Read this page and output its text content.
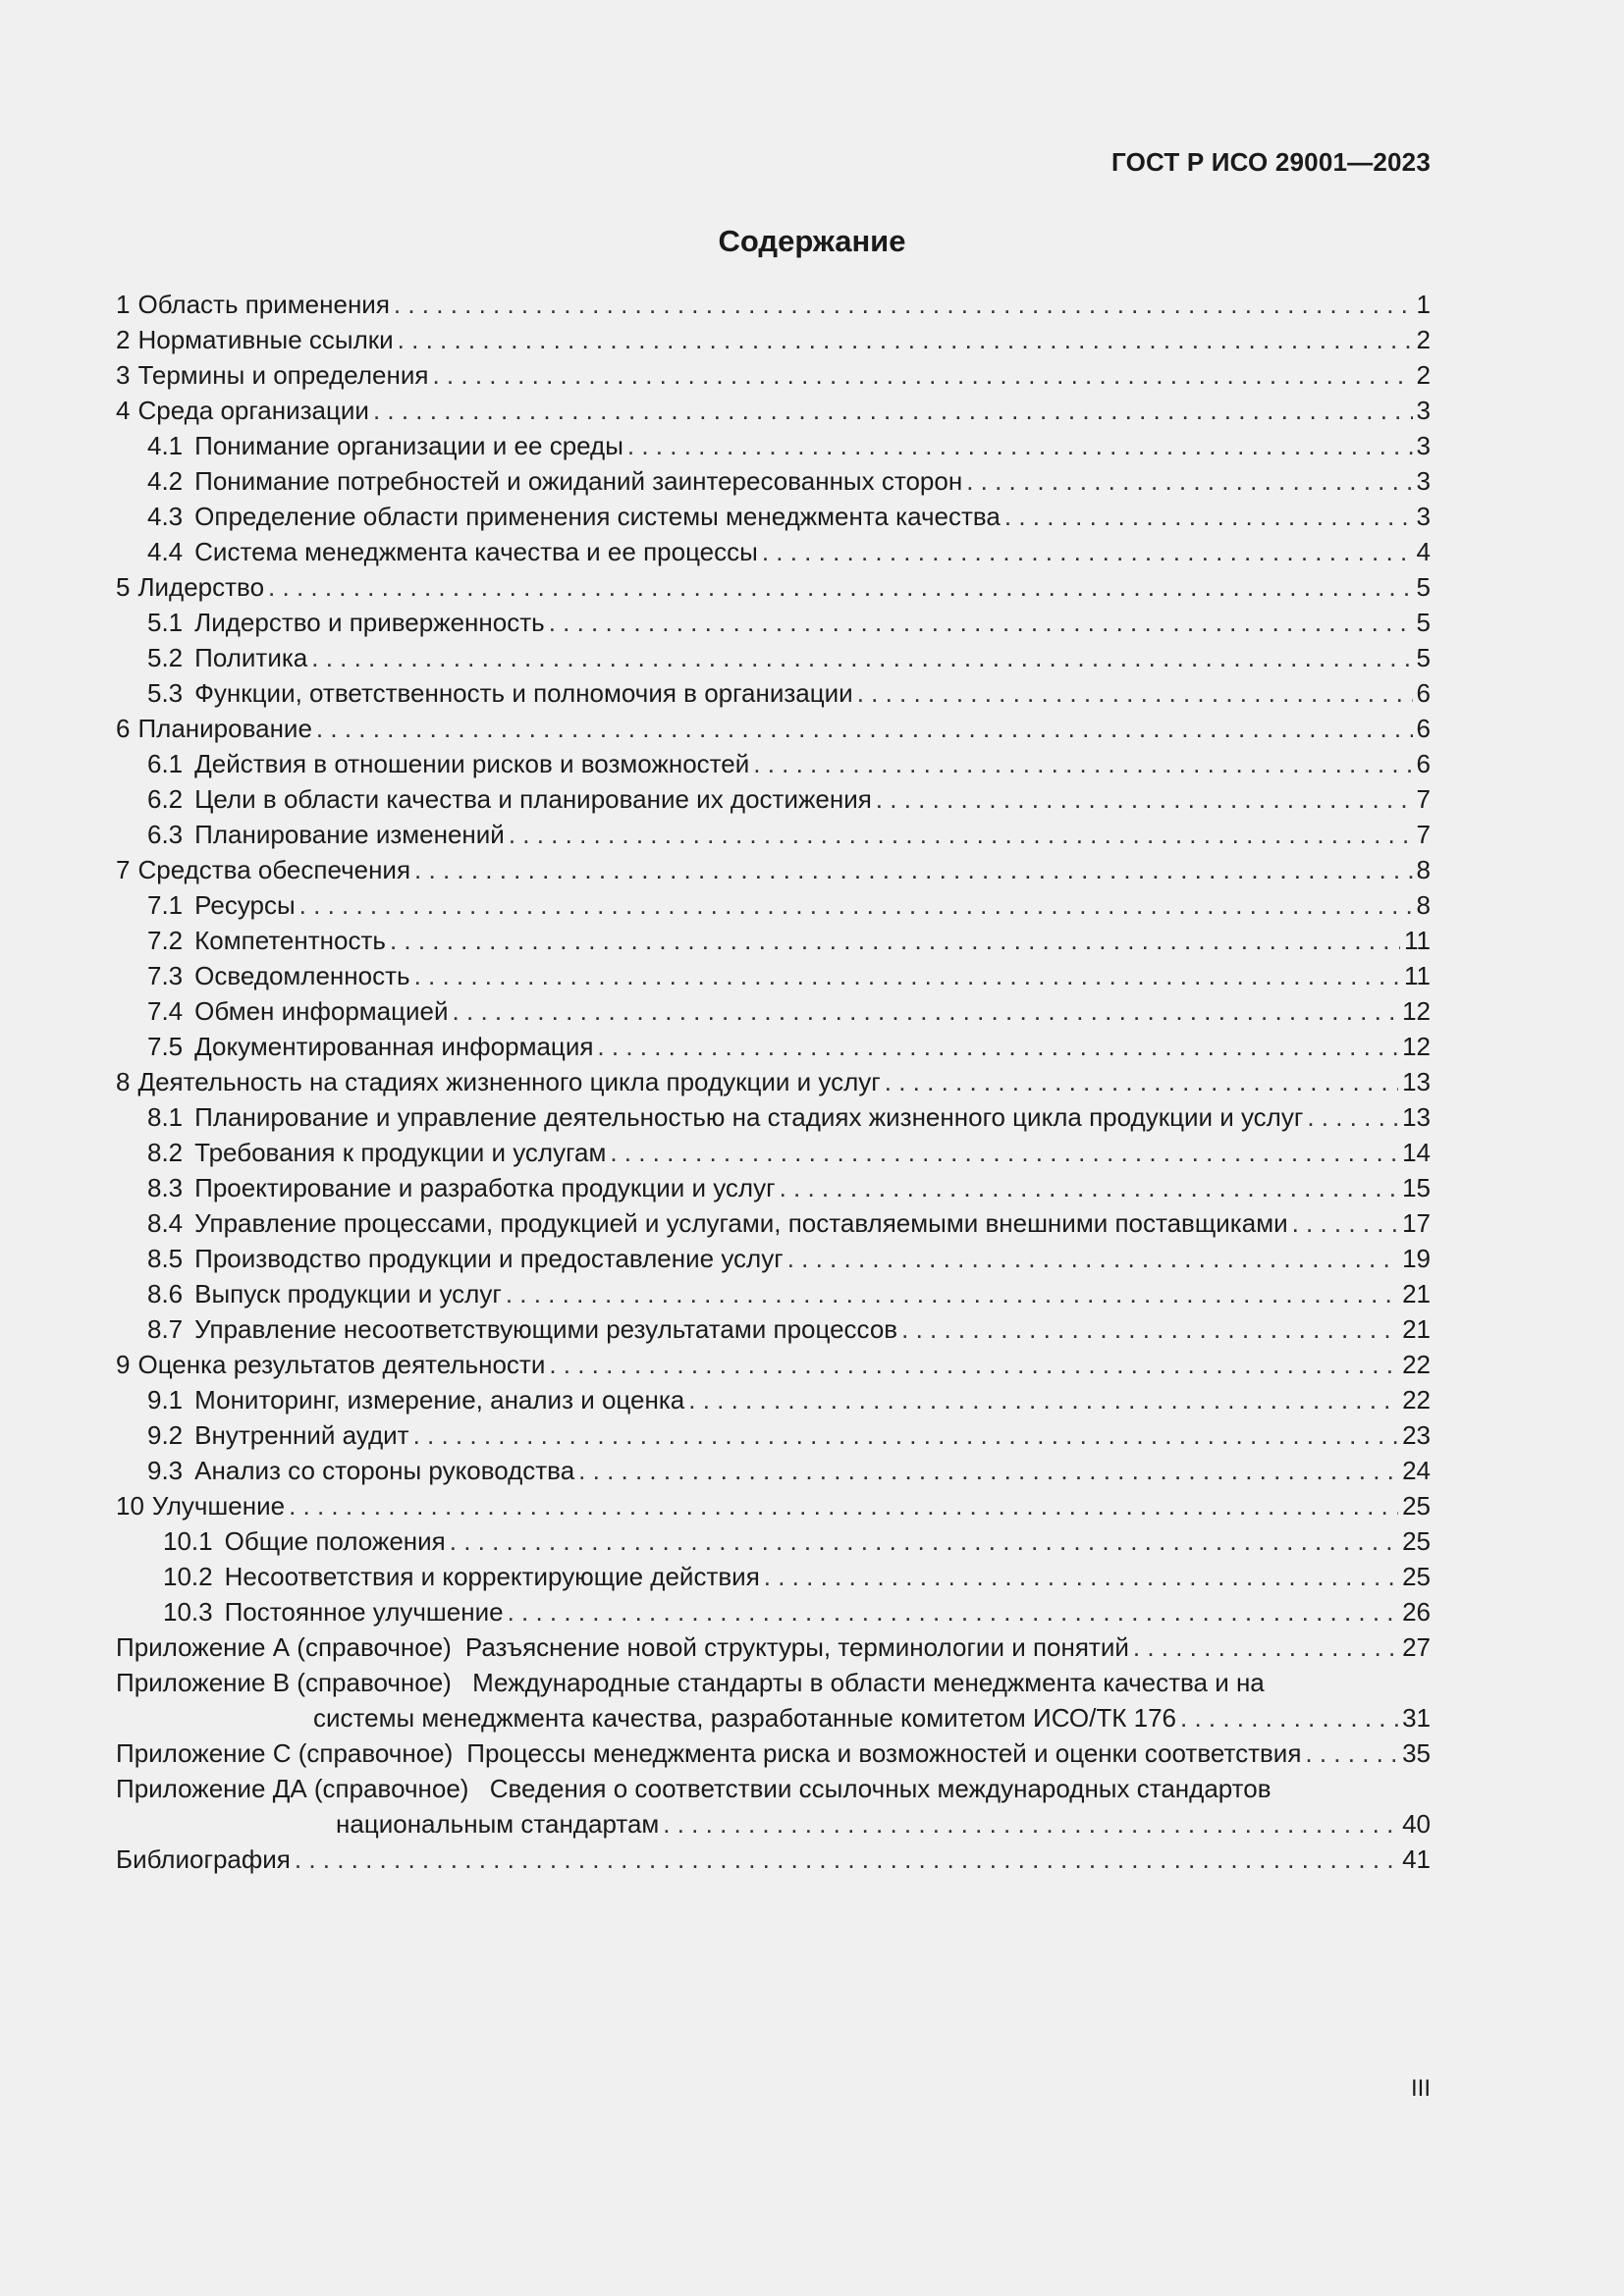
ГОСТ Р ИСО 29001—2023
Содержание
1 Область применения . . .	1
2 Нормативные ссылки . . .	2
3 Термины и определения . . .	2
4 Среда организации . . .	3
4.1 Понимание организации и ее среды . . .	3
4.2 Понимание потребностей и ожиданий заинтересованных сторон . . .	3
4.3 Определение области применения системы менеджмента качества . . .	3
4.4 Система менеджмента качества и ее процессы . . .	4
5 Лидерство . . .	5
5.1 Лидерство и приверженность . . .	5
5.2 Политика . . .	5
5.3 Функции, ответственность и полномочия в организации . . .	6
6 Планирование . . .	6
6.1 Действия в отношении рисков и возможностей . . .	6
6.2 Цели в области качества и планирование их достижения . . .	7
6.3 Планирование изменений . . .	7
7 Средства обеспечения . . .	8
7.1 Ресурсы . . .	8
7.2 Компетентность . . .	11
7.3 Осведомленность . . .	11
7.4 Обмен информацией . . .	12
7.5 Документированная информация . . .	12
8 Деятельность на стадиях жизненного цикла продукции и услуг . . .	13
8.1 Планирование и управление деятельностью на стадиях жизненного цикла продукции и услуг . . .	13
8.2 Требования к продукции и услугам . . .	14
8.3 Проектирование и разработка продукции и услуг . . .	15
8.4 Управление процессами, продукцией и услугами, поставляемыми внешними поставщиками . . .	17
8.5 Производство продукции и предоставление услуг . . .	19
8.6 Выпуск продукции и услуг . . .	21
8.7 Управление несоответствующими результатами процессов . . .	21
9 Оценка результатов деятельности . . .	22
9.1 Мониторинг, измерение, анализ и оценка . . .	22
9.2 Внутренний аудит . . .	23
9.3 Анализ со стороны руководства . . .	24
10 Улучшение . . .	25
10.1 Общие положения . . .	25
10.2 Несоответствия и корректирующие действия . . .	25
10.3 Постоянное улучшение . . .	26
Приложение А (справочное) Разъяснение новой структуры, терминологии и понятий . . .	27
Приложение В (справочное) Международные стандарты в области менеджмента качества и на
системы менеджмента качества, разработанные комитетом ИСО/ТК 176 . . .	31
Приложение С (справочное) Процессы менеджмента риска и возможностей и оценки соответствия . . .	35
Приложение ДА (справочное) Сведения о соответствии ссылочных международных стандартов
национальным стандартам . . .	40
Библиография . . .	41
III
